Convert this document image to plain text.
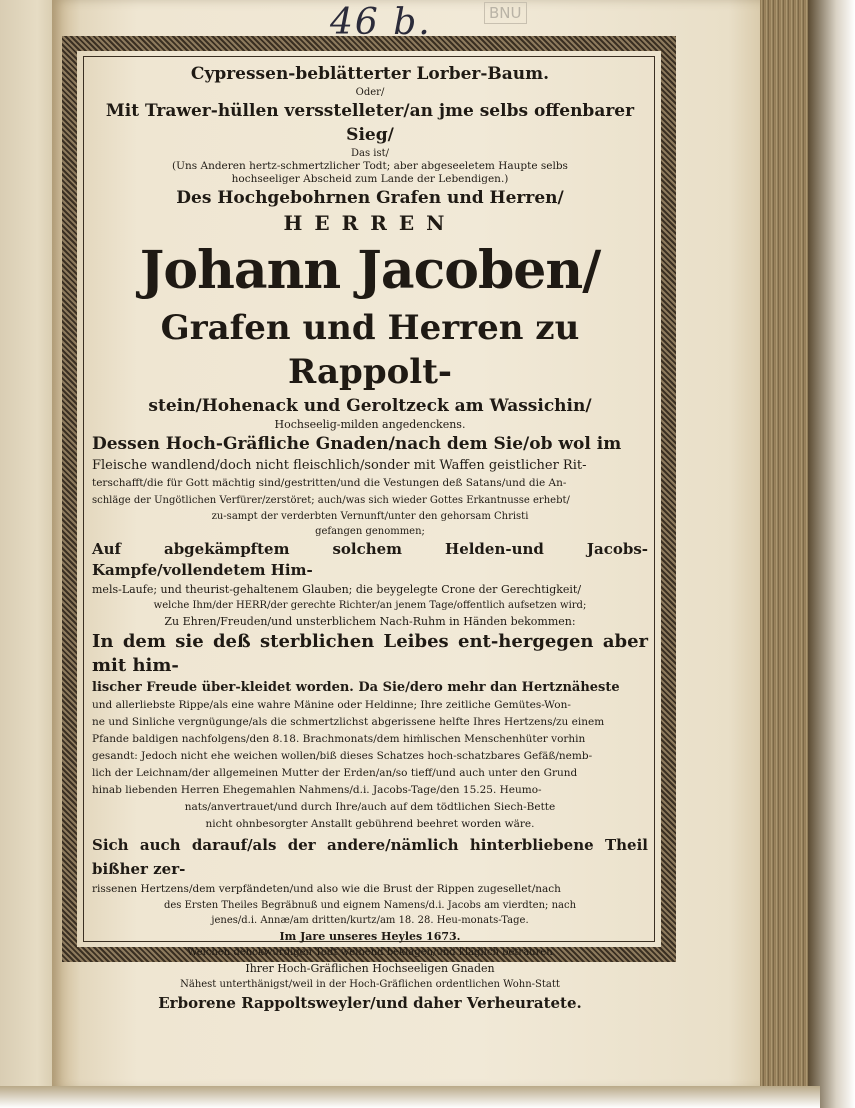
46 b.	BNU

Cypressen-beblätterter Lorber-Baum.

Oder/

Mit Trawer-hüllen versstelleter/an jme selbs offenbarer Sieg/

Das ist/

(Uns Anderen hertz-schmertzlicher Todt; aber abgeseeletem Haupte selbs

hochseeliger Abscheid zum Lande der Lebendigen.)

Des Hochgebohrnen Grafen und Herren/

HERREN

Johann Jacoben/

Grafen und Herren zu Rappolt-

stein/Hohenack und Geroltzeck am Wassichin/

Hochseelig-milden angedenckens.

Dessen Hoch-Gräfliche Gnaden/nach dem Sie/ob wol im

Fleische wandlend/doch nicht fleischlich/sonder mit Waffen geistlicher Rit-

terschafft/die für Gott mächtig sind/gestritten/und die Vestungen deß Satans/und die An-

schläge der Ungötlichen Verfürer/zerstöret; auch/was sich wieder Gottes Erkantnusse erhebt/

zu-sampt der verderbten Vernunft/unter den gehorsam Christi

gefangen genommen;

Auf abgekämpftem solchem Helden-und Jacobs-Kampfe/vollendetem Him-

mels-Laufe; und theurist-gehaltenem Glauben; die beygelegte Crone der Gerechtigkeit/

welche Ihm/der HERR/der gerechte Richter/an jenem Tage/offentlich aufsetzen wird;

Zu Ehren/Freuden/und unsterblichem Nach-Ruhm in Händen bekommen:

In dem sie deß sterblichen Leibes ent-hergegen aber mit him-

lischer Freude über-kleidet worden. Da Sie/dero mehr dan Hertznäheste

und allerliebste Rippe/als eine wahre Mänine oder Heldinne; Ihre zeitliche Gemütes-Won-

ne und Sinliche vergnügunge/als die schmertzlichst abgerissene helfte Ihres Hertzens/zu einem

Pfande baldigen nachfolgens/den 8.18. Brachmonats/dem hiṁlischen Menschenhüter vorhin

gesandt: Jedoch nicht ehe weichen wollen/biß dieses Schatzes hoch-schatzbares Gefäß/nemb-

lich der Leichnam/der allgemeinen Mutter der Erden/an/so tieff/und auch unter den Grund

hinab liebenden Herren Ehegemahlen Nahmens/d.i. Jacobs-Tage/den 15.25. Heumo-

nats/anvertrauet/und durch Ihre/auch auf dem tödtlichen Siech-Bette

nicht ohnbesorgter Anstallt gebührend beehret worden wäre.

Sich auch darauf/als der andere/nämlich hinterbliebene Theil bißher zer-

rissenen Hertzens/dem verpfändeten/und also wie die Brust der Rippen zugesellet/nach

des Ersten Theiles Begräbnuß und eignem Namens/d.i. Jacobs am vierdten; nach

jenes/d.i. Annæ/am dritten/kurtz/am 18. 28. Heu-monats-Tage.

Im Jare unseres Heyles 1673.

Welchen denckwürdigen Todt weinend beklagen/und kläglich betrauren

Ihrer Hoch-Gräflichen Hochseeligen Gnaden

Nähest unterthänigst/weil in der Hoch-Gräflichen ordentlichen Wohn-Statt

Erborene Rappoltsweyler/und daher Verheuratete.
